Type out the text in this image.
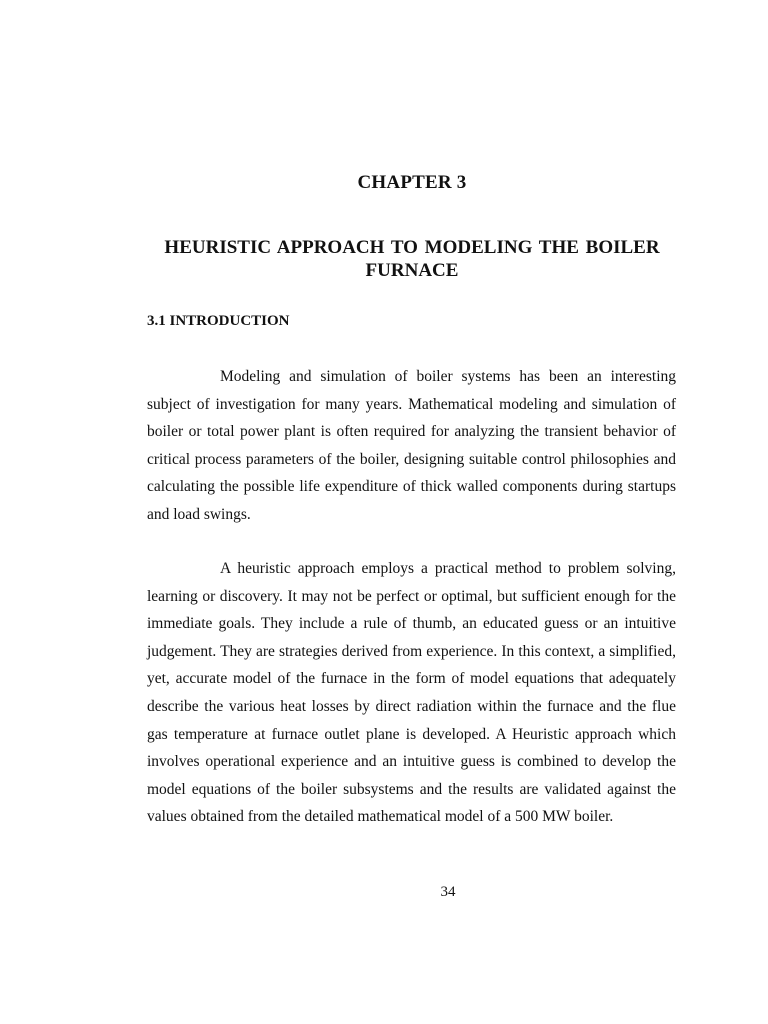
CHAPTER 3
HEURISTIC APPROACH TO MODELING THE BOILER FURNACE
3.1 INTRODUCTION

Modeling and simulation of boiler systems has been an interesting subject of investigation for many years. Mathematical modeling and simulation of boiler or total power plant is often required for analyzing the transient behavior of critical process parameters of the boiler, designing suitable control philosophies and calculating the possible life expenditure of thick walled components during startups and load swings.

A heuristic approach employs a practical method to problem solving, learning or discovery. It may not be perfect or optimal, but sufficient enough for the immediate goals. They include a rule of thumb, an educated guess or an intuitive judgement. They are strategies derived from experience. In this context, a simplified, yet, accurate model of the furnace in the form of model equations that adequately describe the various heat losses by direct radiation within the furnace and the flue gas temperature at furnace outlet plane is developed. A Heuristic approach which involves operational experience and an intuitive guess is combined to develop the model equations of the boiler subsystems and the results are validated against the values obtained from the detailed mathematical model of a 500 MW boiler.

34
